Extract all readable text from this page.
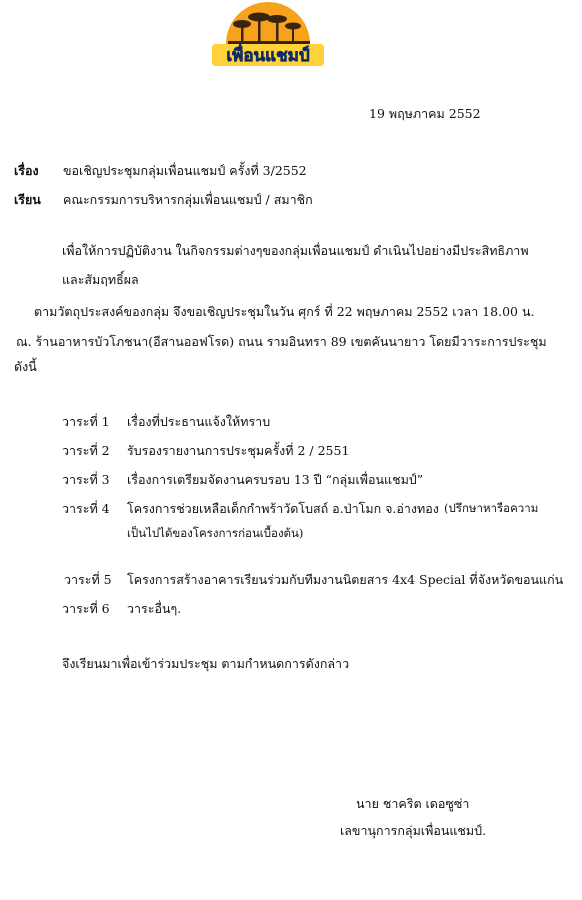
เพื่อนแชมป์
19 พฤษภาคม 2552
เรื่อง ขอเชิญประชุมกลุ่มเพื่อนแชมป์ ครั้งที่ 3/2552
เรียน คณะกรรมการบริหารกลุ่มเพื่อนแชมป์ / สมาชิก
เพื่อให้การปฏิบัติงาน ในกิจกรรมต่างๆของกลุ่มเพื่อนแชมป์ ดำเนินไปอย่างมีประสิทธิภาพ
และสัมฤทธิ์ผล
ตามวัตถุประสงค์ของกลุ่ม จึงขอเชิญประชุมในวัน ศุกร์ ที่ 22 พฤษภาคม 2552 เวลา 18.00 น.
ณ. ร้านอาหารบัวโภชนา(อีสานออฟโรด) ถนน รามอินทรา 89 เขตคันนายาว โดยมีวาระการประชุม
ดังนี้
วาระที่ 1 เรื่องที่ประธานแจ้งให้ทราบ
วาระที่ 2 รับรองรายงานการประชุมครั้งที่ 2 / 2551
วาระที่ 3 เรื่องการเตรียมจัดงานครบรอบ 13 ปี “กลุ่มเพื่อนแชมป์”
วาระที่ 4 โครงการช่วยเหลือเด็กกำพร้าวัดโบสถ์ อ.ป่าโมก จ.อ่างทอง (ปรึกษาหารือความ
เป็นไปได้ของโครงการก่อนเบื้องต้น)
วาระที่ 5 โครงการสร้างอาคารเรียนร่วมกับทีมงานนิตยสาร 4x4 Special ที่จังหวัดขอนแก่น
วาระที่ 6 วาระอื่นๆ.
จึงเรียนมาเพื่อเข้าร่วมประชุม ตามกำหนดการดังกล่าว
นาย ชาคริต เดอซูซ่า
เลขานุการกลุ่มเพื่อนแชมป์.
